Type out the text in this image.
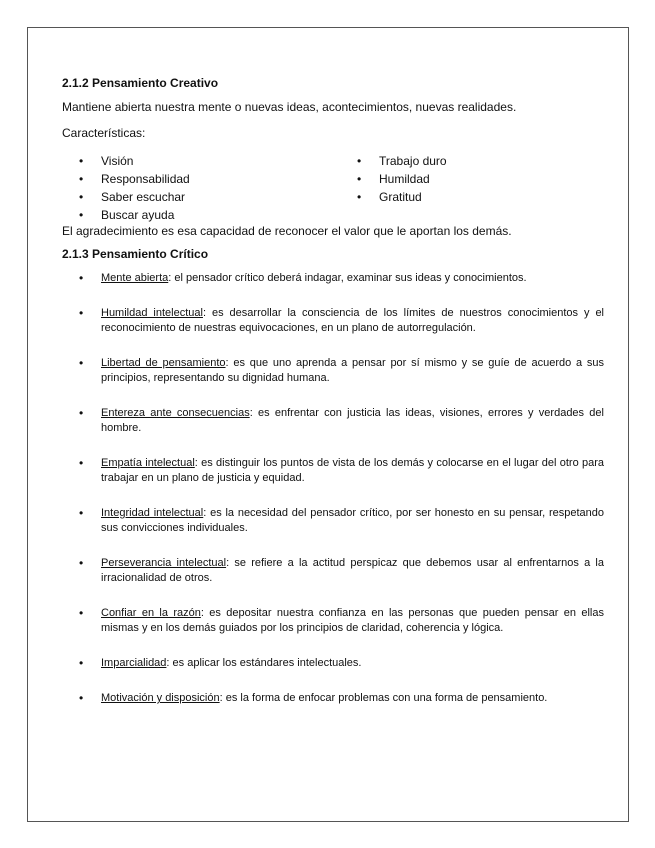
2.1.2 Pensamiento Creativo

Mantiene abierta nuestra mente o nuevas ideas, acontecimientos, nuevas realidades.

Características:

• Visión
• Responsabilidad
• Saber escuchar
• Buscar ayuda
• Trabajo duro
• Humildad
• Gratitud

El agradecimiento es esa capacidad de reconocer el valor que le aportan los demás.

2.1.3 Pensamiento Crítico
• Mente abierta: el pensador crítico deberá indagar, examinar sus ideas y conocimientos.
• Humildad intelectual: es desarrollar la consciencia de los límites de nuestros conocimientos y el reconocimiento de nuestras equivocaciones, en un plano de autorregulación.
• Libertad de pensamiento: es que uno aprenda a pensar por sí mismo y se guíe de acuerdo a sus principios, representando su dignidad humana.
• Entereza ante consecuencias: es enfrentar con justicia las ideas, visiones, errores y verdades del hombre.
• Empatía intelectual: es distinguir los puntos de vista de los demás y colocarse en el lugar del otro para trabajar en un plano de justicia y equidad.
• Integridad intelectual: es la necesidad del pensador crítico, por ser honesto en su pensar, respetando sus convicciones individuales.
• Perseverancia intelectual: se refiere a la actitud perspicaz que debemos usar al enfrentarnos a la irracionalidad de otros.
• Confiar en la razón: es depositar nuestra confianza en las personas que pueden pensar en ellas mismas y en los demás guiados por los principios de claridad, coherencia y lógica.
• Imparcialidad: es aplicar los estándares intelectuales.
• Motivación y disposición: es la forma de enfocar problemas con una forma de pensamiento.
